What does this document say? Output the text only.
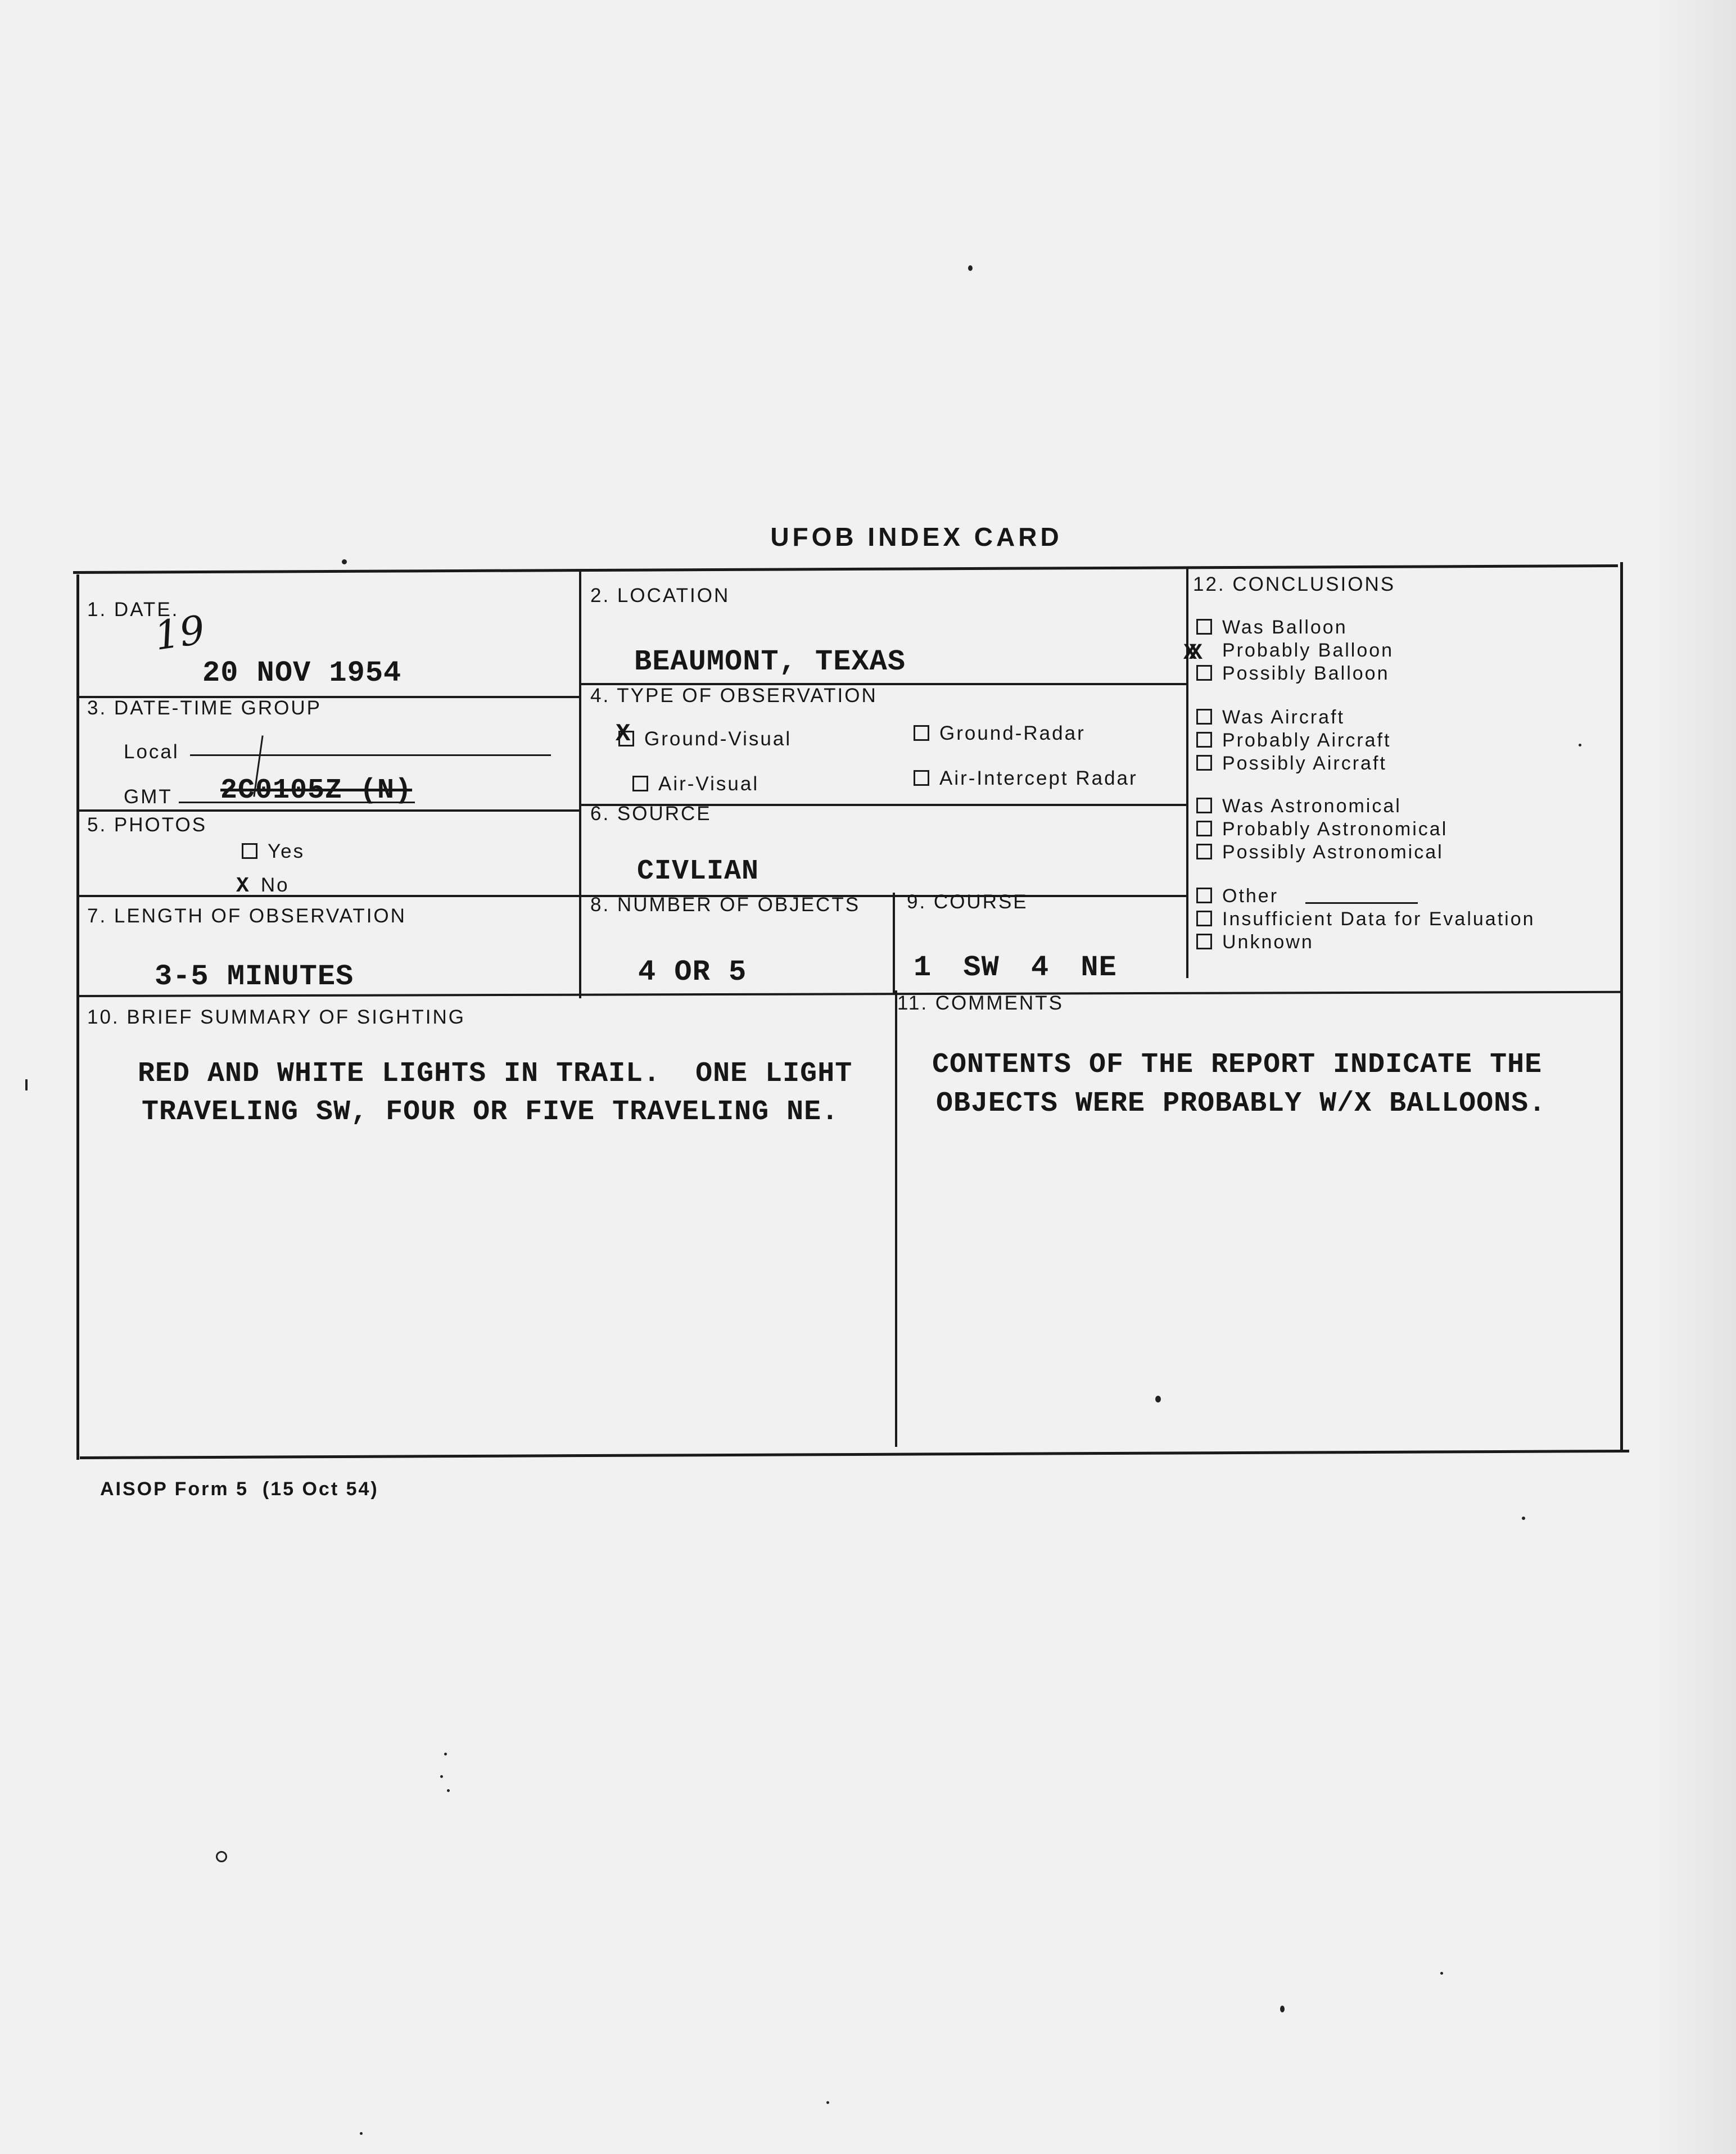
UFOB INDEX CARD
1. DATE.
19
20 NOV 1954
2. LOCATION
BEAUMONT, TEXAS
3. DATE-TIME GROUP
Local
GMT 2C0105Z (N)
4. TYPE OF OBSERVATION
X Ground-Visual	Ground-Radar
Air-Visual	Air-Intercept Radar
5. PHOTOS
Yes
X No
6. SOURCE
CIVLIAN
7. LENGTH OF OBSERVATION
3-5 MINUTES
8. NUMBER OF OBJECTS
4 OR 5
9. COURSE
1 SW 4 NE
12. CONCLUSIONS
XX
Was Balloon
Probably Balloon
Possibly Balloon
Was Aircraft
Probably Aircraft
Possibly Aircraft
Was Astronomical
Probably Astronomical
Possibly Astronomical
Other
Insufficient Data for Evaluation
Unknown
10. BRIEF SUMMARY OF SIGHTING
RED AND WHITE LIGHTS IN TRAIL.  ONE LIGHT
TRAVELING SW, FOUR OR FIVE TRAVELING NE.
11. COMMENTS
CONTENTS OF THE REPORT INDICATE THE
OBJECTS WERE PROBABLY W/X BALLOONS.
AISOP Form 5  (15 Oct 54)
